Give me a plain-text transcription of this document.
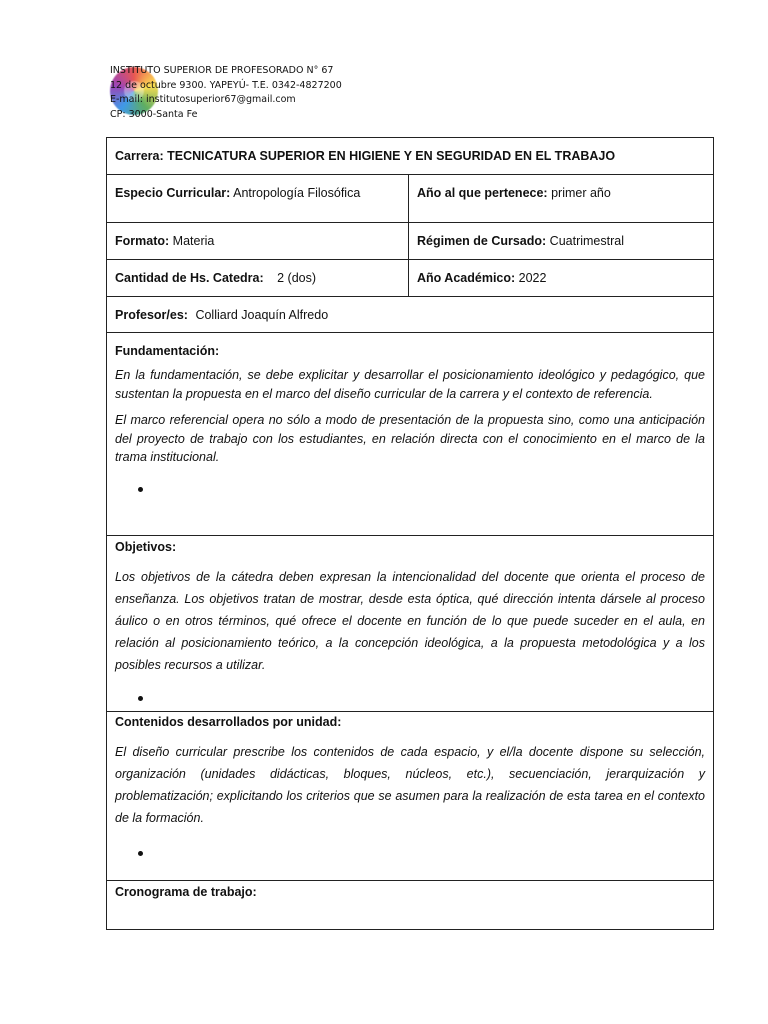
INSTITUTO SUPERIOR DE PROFESORADO N° 67
12 de octubre 9300. YAPEYÚ- T.E. 0342-4827200
E-mail: institutosuperior67@gmail.com
CP: 3000-Santa Fe
Carrera: TECNICATURA SUPERIOR EN HIGIENE Y EN SEGURIDAD EN EL TRABAJO	
Especio Curricular: Antropología Filosófica	Año al que pertenece: primer año
Formato: Materia	Régimen de Cursado: Cuatrimestral
Cantidad de Hs. Catedra: 2 (dos)	Año Académico: 2022
Profesor/es: Colliard Joaquín Alfredo	

Fundamentación:

En la fundamentación, se debe explicitar y desarrollar el posicionamiento ideológico y pedagógico, que sustentan la propuesta en el marco del diseño curricular de la carrera y el contexto de referencia.

El marco referencial opera no sólo a modo de presentación de la propuesta sino, como una anticipación del proyecto de trabajo con los estudiantes, en relación directa con el conocimiento en el marco de la trama institucional.	

Objetivos:

Los objetivos de la cátedra deben expresan la intencionalidad del docente que orienta el proceso de enseñanza. Los objetivos tratan de mostrar, desde esta óptica, qué dirección intenta dársele al proceso áulico o en otros términos, qué ofrece el docente en función de lo que puede suceder en el aula, en relación al posicionamiento teórico, a la concepción ideológica, a la propuesta metodológica y a los posibles recursos a utilizar.	

Contenidos desarrollados por unidad:

El diseño curricular prescribe los contenidos de cada espacio, y el/la docente dispone su selección, organización (unidades didácticas, bloques, núcleos, etc.), secuenciación, jerarquización y problematización; explicitando los criterios que se asumen para la realización de esta tarea en el contexto de la formación.	

Cronograma de trabajo:	
